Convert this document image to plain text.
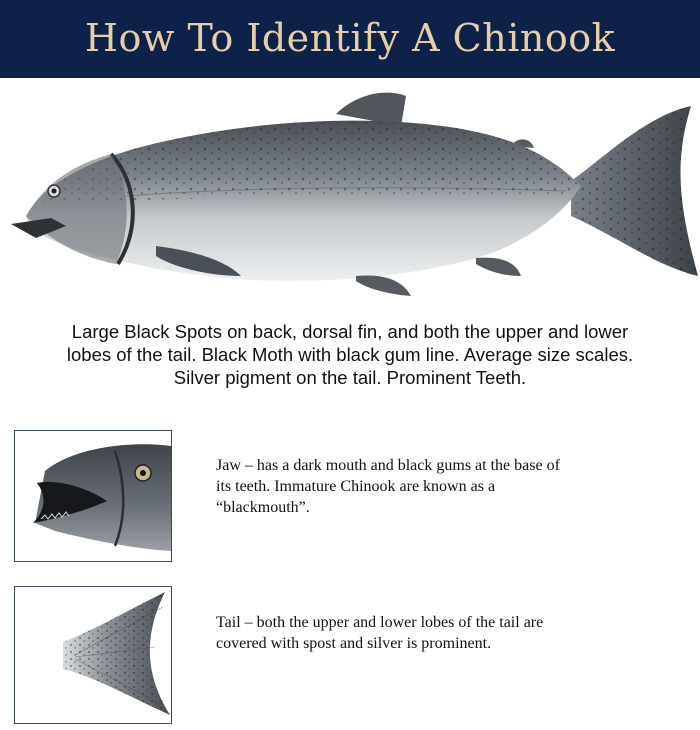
How To Identify A Chinook
Large Black Spots on back, dorsal fin, and both the upper and lower
lobes of the tail. Black Moth with black gum line. Average size scales.
Silver pigment on the tail. Prominent Teeth.
Jaw – has a dark mouth and black gums at the base of
its teeth. Immature Chinook are known as a
“blackmouth”.
Tail – both the upper and lower lobes of the tail are
covered with spost and silver is prominent.
